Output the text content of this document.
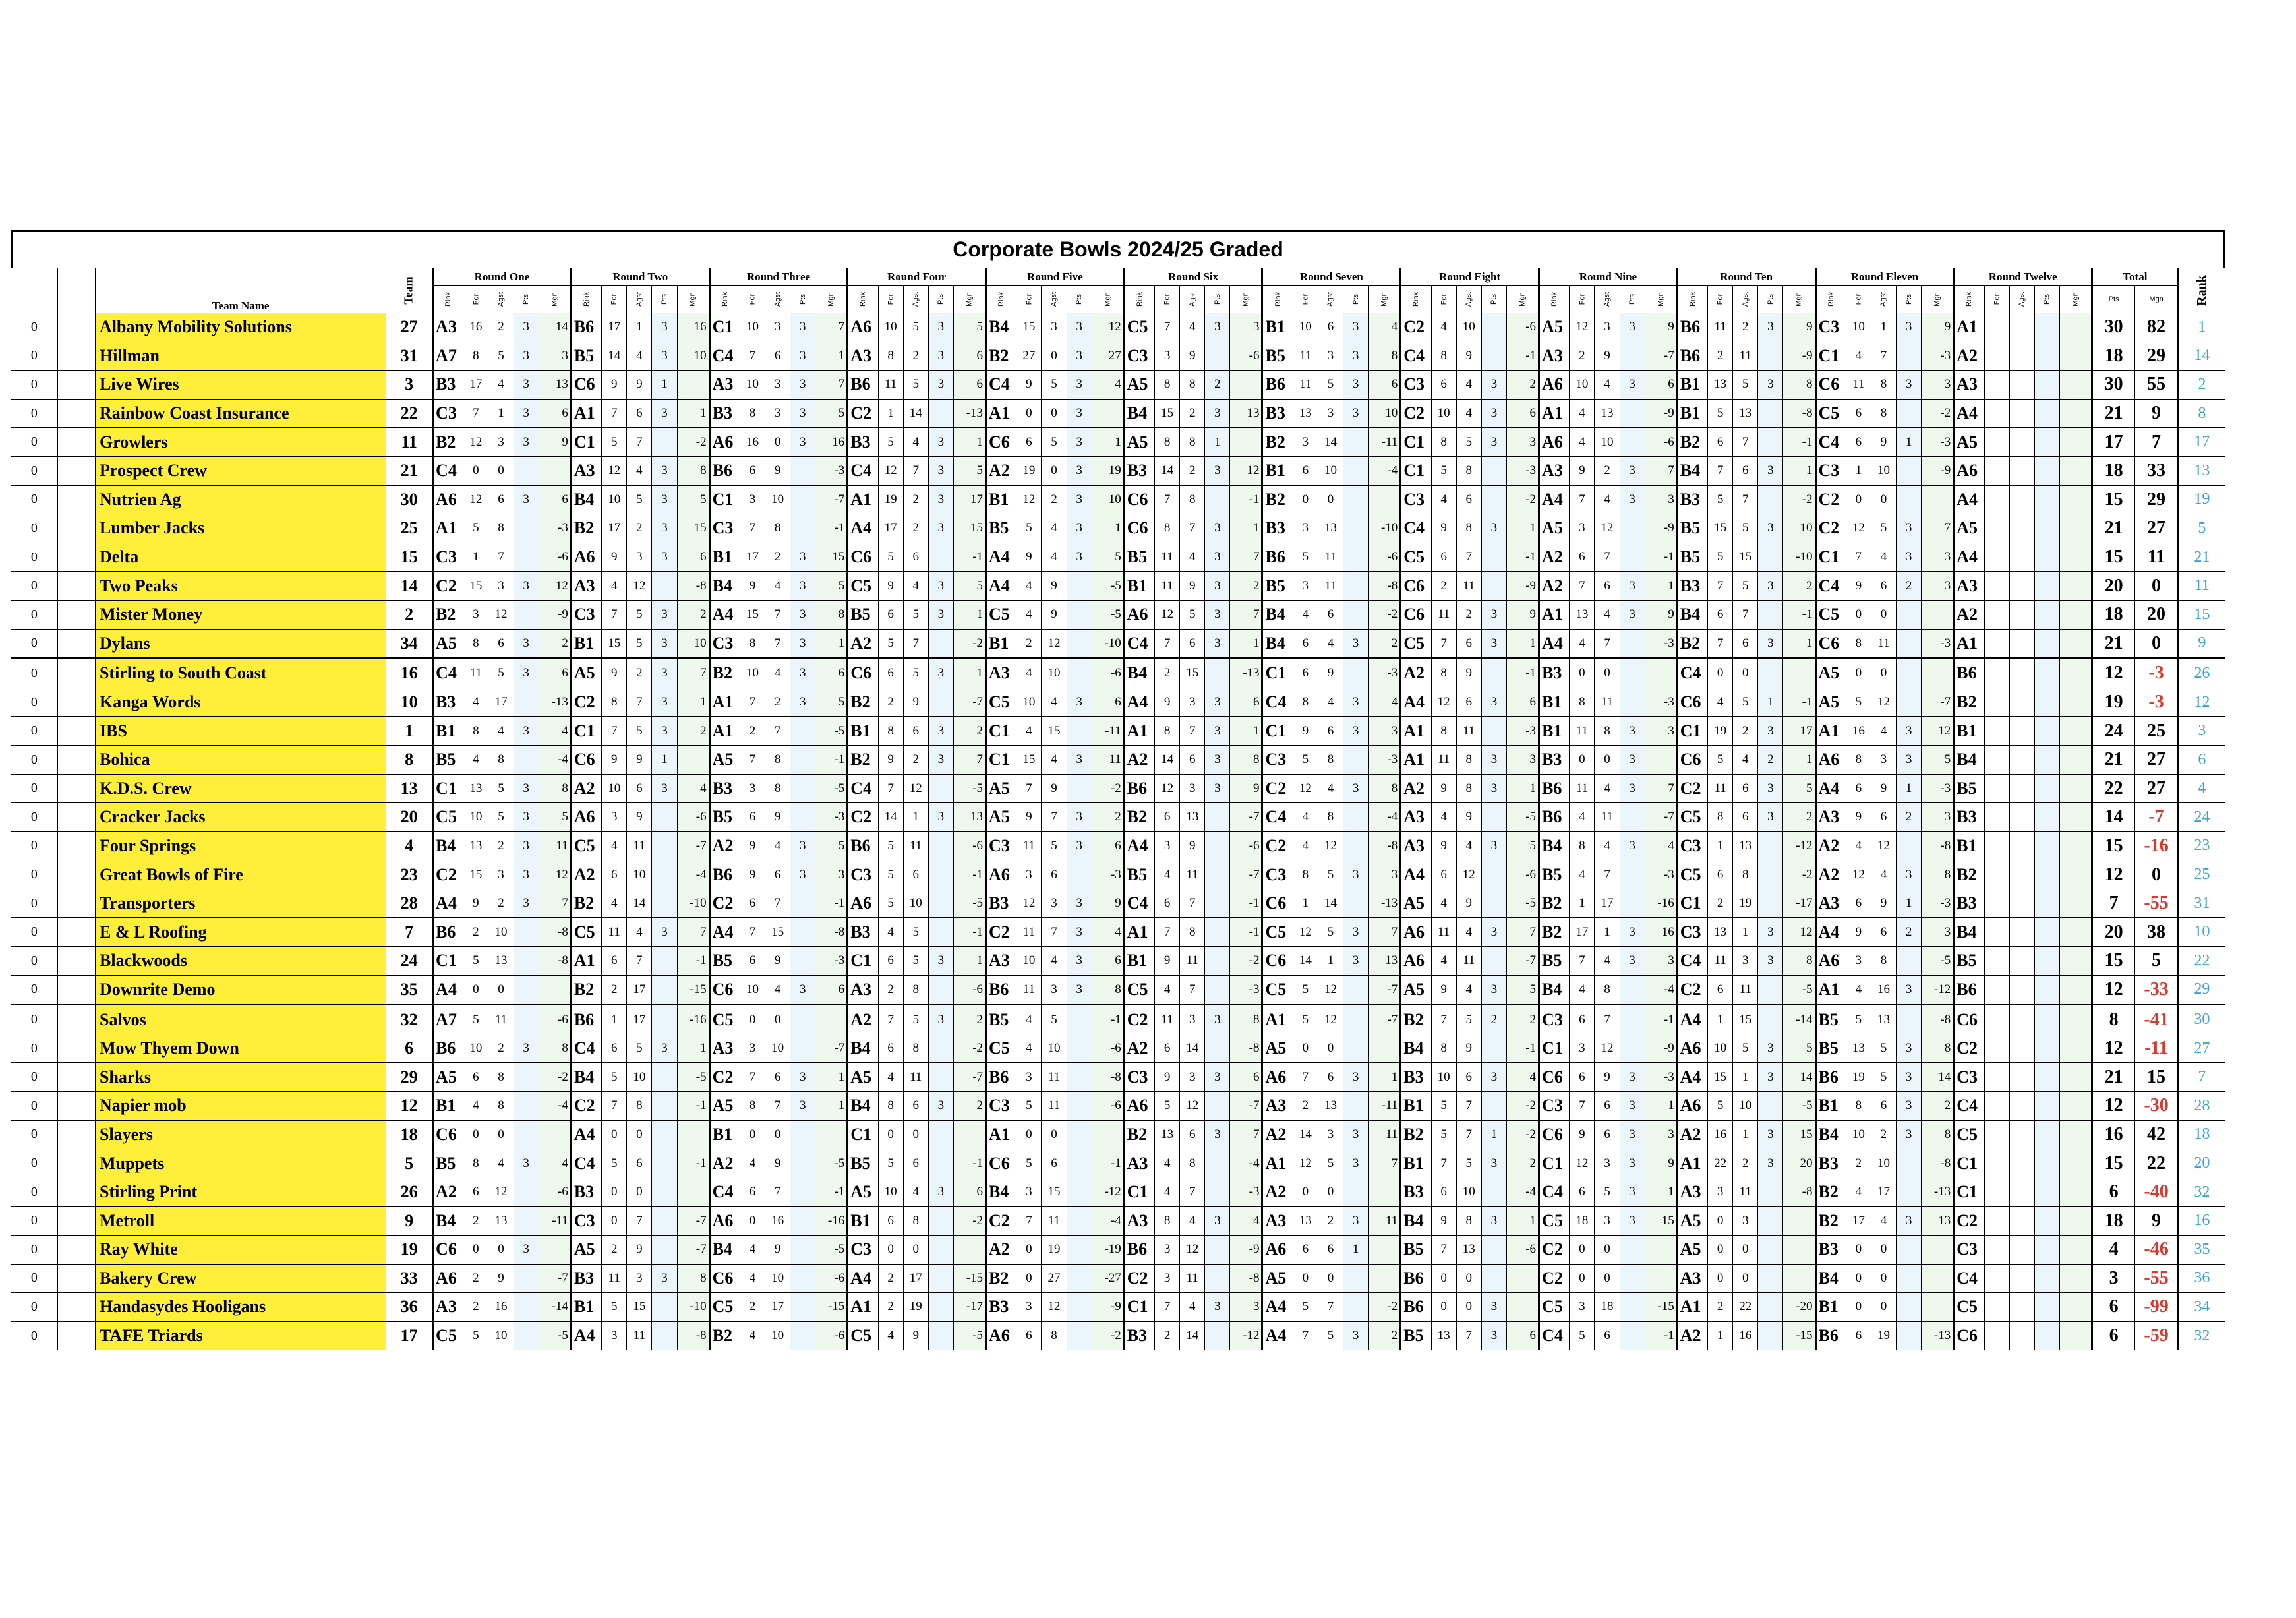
Corporate Bowls 2024/25 Graded
		Team Name	Team	Round One	Round Two	Round Three	Round Four	Round Five	Round Six	Round Seven	Round Eight	Round Nine	Round Ten	Round Eleven	Round Twelve	Total	Rank
Rink	For	Agst	Pts	Mgn	Rink	For	Agst	Pts	Mgn	Rink	For	Agst	Pts	Mgn	Rink	For	Agst	Pts	Mgn	Rink	For	Agst	Pts	Mgn	Rink	For	Agst	Pts	Mgn	Rink	For	Agst	Pts	Mgn	Rink	For	Agst	Pts	Mgn	Rink	For	Agst	Pts	Mgn	Rink	For	Agst	Pts	Mgn	Rink	For	Agst	Pts	Mgn	Rink	For	Agst	Pts	Mgn	Pts	Mgn
0		Albany Mobility Solutions	27	A3	16	2	3	14	B6	17	1	3	16	C1	10	3	3	7	A6	10	5	3	5	B4	15	3	3	12	C5	7	4	3	3	B1	10	6	3	4	C2	4	10		-6	A5	12	3	3	9	B6	11	2	3	9	C3	10	1	3	9	A1					30	82	1
0		Hillman	31	A7	8	5	3	3	B5	14	4	3	10	C4	7	6	3	1	A3	8	2	3	6	B2	27	0	3	27	C3	3	9		-6	B5	11	3	3	8	C4	8	9		-1	A3	2	9		-7	B6	2	11		-9	C1	4	7		-3	A2					18	29	14
0		Live Wires	3	B3	17	4	3	13	C6	9	9	1		A3	10	3	3	7	B6	11	5	3	6	C4	9	5	3	4	A5	8	8	2		B6	11	5	3	6	C3	6	4	3	2	A6	10	4	3	6	B1	13	5	3	8	C6	11	8	3	3	A3					30	55	2
0		Rainbow Coast Insurance	22	C3	7	1	3	6	A1	7	6	3	1	B3	8	3	3	5	C2	1	14		-13	A1	0	0	3		B4	15	2	3	13	B3	13	3	3	10	C2	10	4	3	6	A1	4	13		-9	B1	5	13		-8	C5	6	8		-2	A4					21	9	8
0		Growlers	11	B2	12	3	3	9	C1	5	7		-2	A6	16	0	3	16	B3	5	4	3	1	C6	6	5	3	1	A5	8	8	1		B2	3	14		-11	C1	8	5	3	3	A6	4	10		-6	B2	6	7		-1	C4	6	9	1	-3	A5					17	7	17
0		Prospect Crew	21	C4	0	0			A3	12	4	3	8	B6	6	9		-3	C4	12	7	3	5	A2	19	0	3	19	B3	14	2	3	12	B1	6	10		-4	C1	5	8		-3	A3	9	2	3	7	B4	7	6	3	1	C3	1	10		-9	A6					18	33	13
0		Nutrien Ag	30	A6	12	6	3	6	B4	10	5	3	5	C1	3	10		-7	A1	19	2	3	17	B1	12	2	3	10	C6	7	8		-1	B2	0	0			C3	4	6		-2	A4	7	4	3	3	B3	5	7		-2	C2	0	0			A4					15	29	19
0		Lumber Jacks	25	A1	5	8		-3	B2	17	2	3	15	C3	7	8		-1	A4	17	2	3	15	B5	5	4	3	1	C6	8	7	3	1	B3	3	13		-10	C4	9	8	3	1	A5	3	12		-9	B5	15	5	3	10	C2	12	5	3	7	A5					21	27	5
0		Delta	15	C3	1	7		-6	A6	9	3	3	6	B1	17	2	3	15	C6	5	6		-1	A4	9	4	3	5	B5	11	4	3	7	B6	5	11		-6	C5	6	7		-1	A2	6	7		-1	B5	5	15		-10	C1	7	4	3	3	A4					15	11	21
0		Two Peaks	14	C2	15	3	3	12	A3	4	12		-8	B4	9	4	3	5	C5	9	4	3	5	A4	4	9		-5	B1	11	9	3	2	B5	3	11		-8	C6	2	11		-9	A2	7	6	3	1	B3	7	5	3	2	C4	9	6	2	3	A3					20	0	11
0		Mister Money	2	B2	3	12		-9	C3	7	5	3	2	A4	15	7	3	8	B5	6	5	3	1	C5	4	9		-5	A6	12	5	3	7	B4	4	6		-2	C6	11	2	3	9	A1	13	4	3	9	B4	6	7		-1	C5	0	0			A2					18	20	15
0		Dylans	34	A5	8	6	3	2	B1	15	5	3	10	C3	8	7	3	1	A2	5	7		-2	B1	2	12		-10	C4	7	6	3	1	B4	6	4	3	2	C5	7	6	3	1	A4	4	7		-3	B2	7	6	3	1	C6	8	11		-3	A1					21	0	9
0		Stirling to South Coast	16	C4	11	5	3	6	A5	9	2	3	7	B2	10	4	3	6	C6	6	5	3	1	A3	4	10		-6	B4	2	15		-13	C1	6	9		-3	A2	8	9		-1	B3	0	0			C4	0	0			A5	0	0			B6					12	-3	26
0		Kanga Words	10	B3	4	17		-13	C2	8	7	3	1	A1	7	2	3	5	B2	2	9		-7	C5	10	4	3	6	A4	9	3	3	6	C4	8	4	3	4	A4	12	6	3	6	B1	8	11		-3	C6	4	5	1	-1	A5	5	12		-7	B2					19	-3	12
0		IBS	1	B1	8	4	3	4	C1	7	5	3	2	A1	2	7		-5	B1	8	6	3	2	C1	4	15		-11	A1	8	7	3	1	C1	9	6	3	3	A1	8	11		-3	B1	11	8	3	3	C1	19	2	3	17	A1	16	4	3	12	B1					24	25	3
0		Bohica	8	B5	4	8		-4	C6	9	9	1		A5	7	8		-1	B2	9	2	3	7	C1	15	4	3	11	A2	14	6	3	8	C3	5	8		-3	A1	11	8	3	3	B3	0	0	3		C6	5	4	2	1	A6	8	3	3	5	B4					21	27	6
0		K.D.S. Crew	13	C1	13	5	3	8	A2	10	6	3	4	B3	3	8		-5	C4	7	12		-5	A5	7	9		-2	B6	12	3	3	9	C2	12	4	3	8	A2	9	8	3	1	B6	11	4	3	7	C2	11	6	3	5	A4	6	9	1	-3	B5					22	27	4
0		Cracker Jacks	20	C5	10	5	3	5	A6	3	9		-6	B5	6	9		-3	C2	14	1	3	13	A5	9	7	3	2	B2	6	13		-7	C4	4	8		-4	A3	4	9		-5	B6	4	11		-7	C5	8	6	3	2	A3	9	6	2	3	B3					14	-7	24
0		Four Springs	4	B4	13	2	3	11	C5	4	11		-7	A2	9	4	3	5	B6	5	11		-6	C3	11	5	3	6	A4	3	9		-6	C2	4	12		-8	A3	9	4	3	5	B4	8	4	3	4	C3	1	13		-12	A2	4	12		-8	B1					15	-16	23
0		Great Bowls of Fire	23	C2	15	3	3	12	A2	6	10		-4	B6	9	6	3	3	C3	5	6		-1	A6	3	6		-3	B5	4	11		-7	C3	8	5	3	3	A4	6	12		-6	B5	4	7		-3	C5	6	8		-2	A2	12	4	3	8	B2					12	0	25
0		Transporters	28	A4	9	2	3	7	B2	4	14		-10	C2	6	7		-1	A6	5	10		-5	B3	12	3	3	9	C4	6	7		-1	C6	1	14		-13	A5	4	9		-5	B2	1	17		-16	C1	2	19		-17	A3	6	9	1	-3	B3					7	-55	31
0		E & L Roofing	7	B6	2	10		-8	C5	11	4	3	7	A4	7	15		-8	B3	4	5		-1	C2	11	7	3	4	A1	7	8		-1	C5	12	5	3	7	A6	11	4	3	7	B2	17	1	3	16	C3	13	1	3	12	A4	9	6	2	3	B4					20	38	10
0		Blackwoods	24	C1	5	13		-8	A1	6	7		-1	B5	6	9		-3	C1	6	5	3	1	A3	10	4	3	6	B1	9	11		-2	C6	14	1	3	13	A6	4	11		-7	B5	7	4	3	3	C4	11	3	3	8	A6	3	8		-5	B5					15	5	22
0		Downrite Demo	35	A4	0	0			B2	2	17		-15	C6	10	4	3	6	A3	2	8		-6	B6	11	3	3	8	C5	4	7		-3	C5	5	12		-7	A5	9	4	3	5	B4	4	8		-4	C2	6	11		-5	A1	4	16	3	-12	B6					12	-33	29
0		Salvos	32	A7	5	11		-6	B6	1	17		-16	C5	0	0			A2	7	5	3	2	B5	4	5		-1	C2	11	3	3	8	A1	5	12		-7	B2	7	5	2	2	C3	6	7		-1	A4	1	15		-14	B5	5	13		-8	C6					8	-41	30
0		Mow Thyem Down	6	B6	10	2	3	8	C4	6	5	3	1	A3	3	10		-7	B4	6	8		-2	C5	4	10		-6	A2	6	14		-8	A5	0	0			B4	8	9		-1	C1	3	12		-9	A6	10	5	3	5	B5	13	5	3	8	C2					12	-11	27
0		Sharks	29	A5	6	8		-2	B4	5	10		-5	C2	7	6	3	1	A5	4	11		-7	B6	3	11		-8	C3	9	3	3	6	A6	7	6	3	1	B3	10	6	3	4	C6	6	9	3	-3	A4	15	1	3	14	B6	19	5	3	14	C3					21	15	7
0		Napier mob	12	B1	4	8		-4	C2	7	8		-1	A5	8	7	3	1	B4	8	6	3	2	C3	5	11		-6	A6	5	12		-7	A3	2	13		-11	B1	5	7		-2	C3	7	6	3	1	A6	5	10		-5	B1	8	6	3	2	C4					12	-30	28
0		Slayers	18	C6	0	0			A4	0	0			B1	0	0			C1	0	0			A1	0	0			B2	13	6	3	7	A2	14	3	3	11	B2	5	7	1	-2	C6	9	6	3	3	A2	16	1	3	15	B4	10	2	3	8	C5					16	42	18
0		Muppets	5	B5	8	4	3	4	C4	5	6		-1	A2	4	9		-5	B5	5	6		-1	C6	5	6		-1	A3	4	8		-4	A1	12	5	3	7	B1	7	5	3	2	C1	12	3	3	9	A1	22	2	3	20	B3	2	10		-8	C1					15	22	20
0		Stirling Print	26	A2	6	12		-6	B3	0	0			C4	6	7		-1	A5	10	4	3	6	B4	3	15		-12	C1	4	7		-3	A2	0	0			B3	6	10		-4	C4	6	5	3	1	A3	3	11		-8	B2	4	17		-13	C1					6	-40	32
0		Metroll	9	B4	2	13		-11	C3	0	7		-7	A6	0	16		-16	B1	6	8		-2	C2	7	11		-4	A3	8	4	3	4	A3	13	2	3	11	B4	9	8	3	1	C5	18	3	3	15	A5	0	3			B2	17	4	3	13	C2					18	9	16
0		Ray White	19	C6	0	0	3		A5	2	9		-7	B4	4	9		-5	C3	0	0			A2	0	19		-19	B6	3	12		-9	A6	6	6	1		B5	7	13		-6	C2	0	0			A5	0	0			B3	0	0			C3					4	-46	35
0		Bakery Crew	33	A6	2	9		-7	B3	11	3	3	8	C6	4	10		-6	A4	2	17		-15	B2	0	27		-27	C2	3	11		-8	A5	0	0			B6	0	0			C2	0	0			A3	0	0			B4	0	0			C4					3	-55	36
0		Handasydes Hooligans	36	A3	2	16		-14	B1	5	15		-10	C5	2	17		-15	A1	2	19		-17	B3	3	12		-9	C1	7	4	3	3	A4	5	7		-2	B6	0	0	3		C5	3	18		-15	A1	2	22		-20	B1	0	0			C5					6	-99	34
0		TAFE Triards	17	C5	5	10		-5	A4	3	11		-8	B2	4	10		-6	C5	4	9		-5	A6	6	8		-2	B3	2	14		-12	A4	7	5	3	2	B5	13	7	3	6	C4	5	6		-1	A2	1	16		-15	B6	6	19		-13	C6					6	-59	32
